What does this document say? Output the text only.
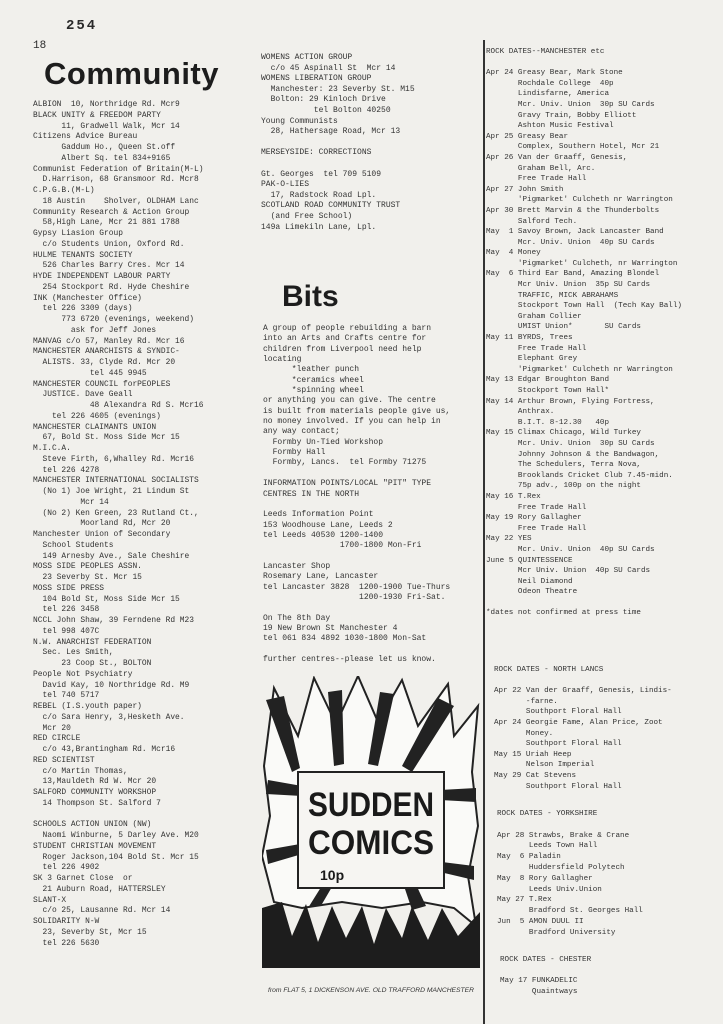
254
18
Community

ALBION  10, Northridge Rd. Mcr9

BLACK UNITY & FREEDOM PARTY

11, Gradwell Walk, Mcr 14

Citizens Advice Bureau

Gaddum Ho., Queen St.off

Albert Sq. tel 834+9165

Communist Federation of Britain(M-L)

D.Harrison, 68 Gransmoor Rd. Mcr8

C.P.G.B.(M-L)

18 Austin    Sholver, OLDHAM Lanc

Community Research & Action Group

58,High Lane, Mcr 21 881 1788

Gypsy Liasion Group

c/o Students Union, Oxford Rd.

HULME TENANTS SOCIETY

526 Charles Barry Cres. Mcr 14

HYDE INDEPENDENT LABOUR PARTY

254 Stockport Rd. Hyde Cheshire

INK (Manchester Office)

tel 226 3309 (days)

773 6720 (evenings, weekend)

ask for Jeff Jones

MANVAG c/o 57, Manley Rd. Mcr 16

MANCHESTER ANARCHISTS & SYNDIC-

ALISTS. 33, Clyde Rd. Mcr 20

tel 445 9945

MANCHESTER COUNCIL forPEOPLES

JUSTICE. Dave Geall

48 Alexandra Rd S. Mcr16

tel 226 4605 (evenings)

MANCHESTER CLAIMANTS UNION

67, Bold St. Moss Side Mcr 15

M.I.C.A.

Steve Firth, 6,Whalley Rd. Mcr16

tel 226 4278

MANCHESTER INTERNATIONAL SOCIALISTS

(No 1) Joe Wright, 21 Lindum St

Mcr 14

(No 2) Ken Green, 23 Rutland Ct.,

Moorland Rd, Mcr 20

Manchester Union of Secondary

School Students

149 Arnesby Ave., Sale Cheshire

MOSS SIDE PEOPLES ASSN.

23 Severby St. Mcr 15

MOSS SIDE PRESS

104 Bold St, Moss Side Mcr 15

tel 226 3458

NCCL John Shaw, 39 Ferndene Rd M23

tel 998 407C

N.W. ANARCHIST FEDERATION

Sec. Les Smith,

23 Coop St., BOLTON

People Not Psychiatry

David Kay, 10 Northridge Rd. M9

tel 740 5717

REBEL (I.S.youth paper)

c/o Sara Henry, 3,Hesketh Ave.

Mcr 20

RED CIRCLE

c/o 43,Brantingham Rd. Mcr16

RED SCIENTIST

c/o Martin Thomas,

13,Mauldeth Rd W. Mcr 20

SALFORD COMMUNITY WORKSHOP

14 Thompson St. Salford 7

SCHOOLS ACTION UNION (NW)

Naomi Winburne, 5 Darley Ave. M20

STUDENT CHRISTIAN MOVEMENT

Roger Jackson,104 Bold St. Mcr 15

tel 226 4902

SK 3 Garnet Close  or

21 Auburn Road, HATTERSLEY

SLANT-X

c/o 25, Lausanne Rd. Mcr 14

SOLIDARITY N-W

23, Severby St, Mcr 15

tel 226 5630

WOMENS ACTION GROUP

c/o 45 Aspinall St  Mcr 14

WOMENS LIBERATION GROUP

Manchester: 23 Severby St. M15

Bolton: 29 Kinloch Drive

tel Bolton 40250

Young Communists

28, Hathersage Road, Mcr 13

MERSEYSIDE: CORRECTIONS

Gt. Georges  tel 709 5109

PAK-O-LIES

17, Radstock Road Lpl.

SCOTLAND ROAD COMMUNITY TRUST

(and Free School)

149a Limekiln Lane, Lpl.

Bits

A group of people rebuilding a barn

into an Arts and Crafts centre for

children from Liverpool need help

locating

*leather punch

*ceramics wheel

*spinning wheel

or anything you can give. The centre

is built from materials people give us,

no money involved. If you can help in

any way contact;

Formby Un-Tied Workshop

Formby Hall

Formby, Lancs.  tel Formby 71275

INFORMATION POINTS/LOCAL "PIT" TYPE

CENTRES IN THE NORTH

Leeds Information Point

153 Woodhouse Lane, Leeds 2

tel Leeds 40530 1200-1400

1700-1800 Mon-Fri

Lancaster Shop

Rosemary Lane, Lancaster

tel Lancaster 3828  1200-1900 Tue-Thurs

1200-1930 Fri-Sat.

On The 8th Day

19 New Brown St Manchester 4

tel 061 834 4892 1030-1800 Mon-Sat

further centres--please let us know.

SUDDEN
COMICS
10p
from FLAT 5, 1 DICKENSON AVE. OLD TRAFFORD MANCHESTER

ROCK DATES--MANCHESTER etc

Apr 24 Greasy Bear, Mark Stone

Rochdale College  40p

Lindisfarne, America

Mcr. Univ. Union  30p SU Cards

Gravy Train, Bobby Elliott

Ashton Music Festival

Apr 25 Greasy Bear

Complex, Southern Hotel, Mcr 21

Apr 26 Van der Graaff, Genesis,

Graham Bell, Arc.

Free Trade Hall

Apr 27 John Smith

'Pigmarket' Culcheth nr Warrington

Apr 30 Brett Marvin & the Thunderbolts

Salford Tech.

May  1 Savoy Brown, Jack Lancaster Band

Mcr. Univ. Union  40p SU Cards

May  4 Money

'Pigmarket' Culcheth, nr Warrington

May  6 Third Ear Band, Amazing Blondel

Mcr Univ. Union  35p SU Cards

TRAFFIC, MICK ABRAHAMS

Stockport Town Hall  (Tech Kay Ball)

Graham Collier

UMIST Union*       SU Cards

May 11 BYRDS, Trees

Free Trade Hall

Elephant Grey

'Pigmarket' Culcheth nr Warrington

May 13 Edgar Broughton Band

Stockport Town Hall*

May 14 Arthur Brown, Flying Fortress,

Anthrax.

B.I.T. 8-12.30   40p

May 15 Climax Chicago, Wild Turkey

Mcr. Univ. Union  30p SU Cards

Johnny Johnson & the Bandwagon,

The Schedulers, Terra Nova,

Brooklands Cricket Club 7.45-midn.

75p adv., 100p on the night

May 16 T.Rex

Free Trade Hall

May 19 Rory Gallagher

Free Trade Hall

May 22 YES

Mcr. Univ. Union  40p SU Cards

June 5 QUINTESSENCE

Mcr Univ. Union  40p SU Cards

Neil Diamond

Odeon Theatre

*dates not confirmed at press time

ROCK DATES - NORTH LANCS

Apr 22 Van der Graaff, Genesis, Lindis-

-farne.

Southport Floral Hall

Apr 24 Georgie Fame, Alan Price, Zoot

Money.

Southport Floral Hall

May 15 Uriah Heep

Nelson Imperial

May 29 Cat Stevens

Southport Floral Hall

ROCK DATES - YORKSHIRE

Apr 28 Strawbs, Brake & Crane

Leeds Town Hall

May  6 Paladin

Huddersfield Polytech

May  8 Rory Gallagher

Leeds Univ.Union

May 27 T.Rex

Bradford St. Georges Hall

Jun  5 AMON DUUL II

Bradford University

ROCK DATES - CHESTER

May 17 FUNKADELIC

Quaintways
